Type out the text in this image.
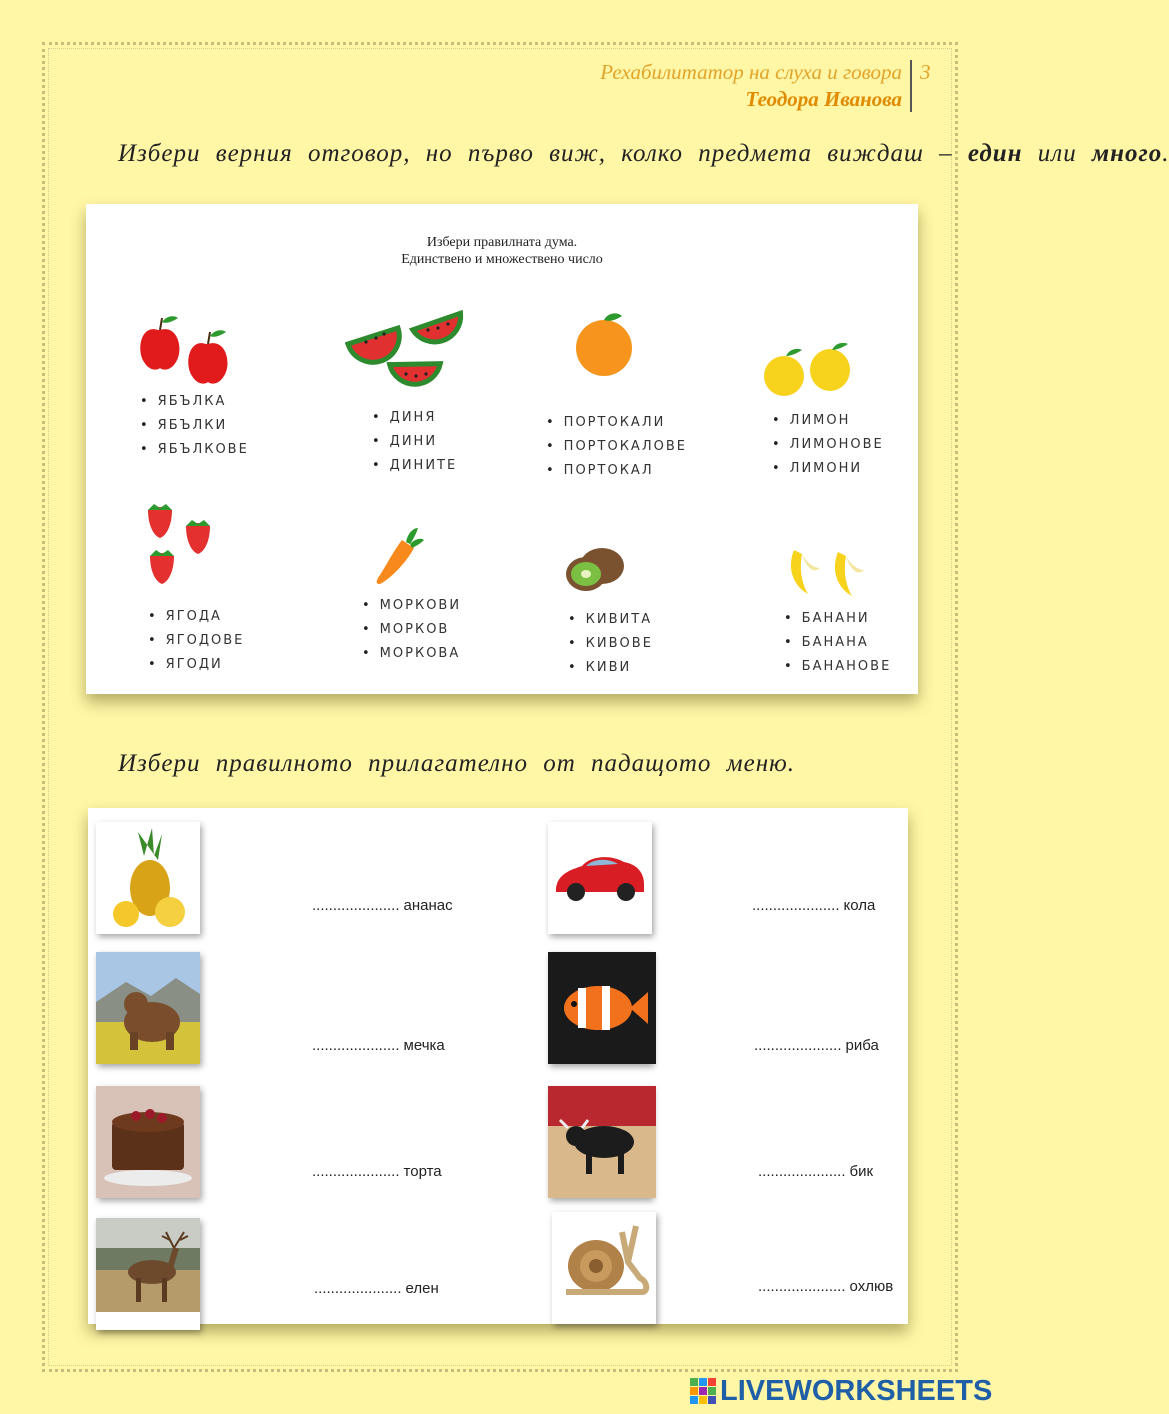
Рехабилитатор на слуха и говора
Теодора Иванова
3
Избери верния отговор, но първо виж, колко предмета виждаш – един или много.
Избери правилната дума.
Единствено и множествено число
• ЯБЪЛКА
• ЯБЪЛКИ
• ЯБЪЛКОВЕ
• ДИНЯ
• ДИНИ
• ДИНИТЕ
• ПОРТОКАЛИ
• ПОРТОКАЛОВЕ
• ПОРТОКАЛ
• ЛИМОН
• ЛИМОНОВЕ
• ЛИМОНИ
• ЯГОДА
• ЯГОДОВЕ
• ЯГОДИ
• МОРКОВИ
• МОРКОВ
• МОРКОВА
• КИВИТА
• КИВОВЕ
• КИВИ
• БАНАНИ
• БАНАНА
• БАНАНОВЕ
Избери правилното прилагателно от падащото меню.
..................... ананас	..................... кола
..................... мечка	..................... риба
..................... торта	..................... бик
..................... елен	..................... охлюв
LIVEWORKSHEETS
